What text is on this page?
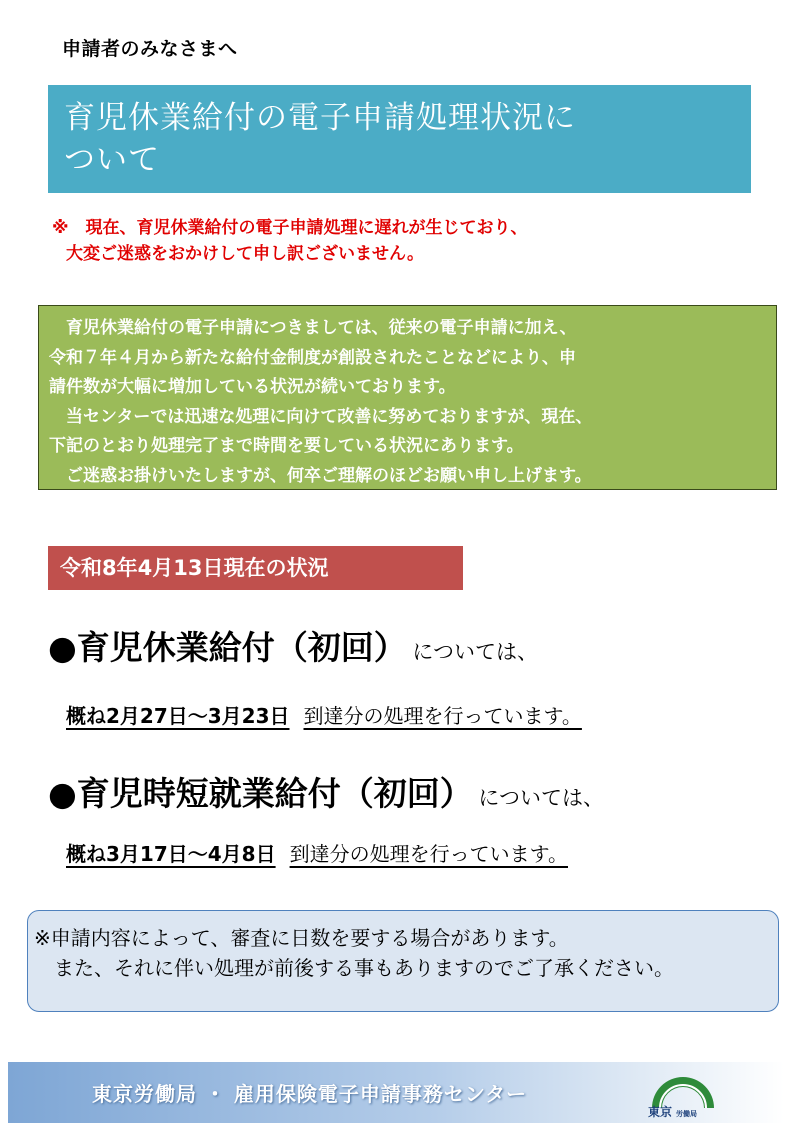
申請者のみなさまへ
育児休業給付の電子申請処理状況に
ついて
※　現在、育児休業給付の電子申請処理に遅れが生じており、
大変ご迷惑をおかけして申し訳ございません。
　育児休業給付の電子申請につきましては、従来の電子申請に加え、
令和７年４月から新たな給付金制度が創設されたことなどにより、申
請件数が大幅に増加している状況が続いております。
　当センターでは迅速な処理に向けて改善に努めておりますが、現在、
下記のとおり処理完了まで時間を要している状況にあります。
　ご迷惑お掛けいたしますが、何卒ご理解のほどお願い申し上げます。
令和8年4月13日現在の状況
●育児休業給付（初回） については、
概ね2月27日～3月23日 到達分の処理を行っています。
●育児時短就業給付（初回） については、
概ね3月17日～4月8日 到達分の処理を行っています。
※申請内容によって、審査に日数を要する場合があります。
　また、それに伴い処理が前後する事もありますのでご了承ください。
東京労働局 ・ 雇用保険電子申請事務センター
東京 労働局
